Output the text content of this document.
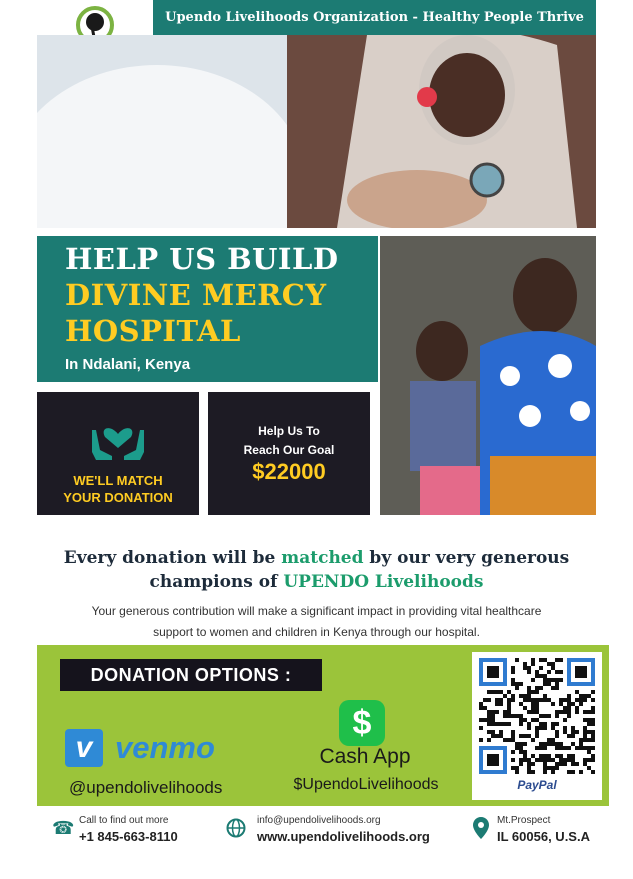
Upendo Livelihoods Organization - Healthy People Thrive
HELP US BUILD
DIVINE MERCY
HOSPITAL
In Ndalani, Kenya
WE'LL MATCH
YOUR DONATION
Help Us To
Reach Our Goal
$22000
Every donation will be matched by our very generous
champions of UPENDO Livelihoods
Your generous contribution will make a significant impact in providing vital healthcare
support to women and children in Kenya through our hospital.
DONATION OPTIONS :
v venmo
@upendolivelihoods
$
Cash App
$UpendoLivelihoods	PayPal
☎ Call to find out more
+1 845-663-8110
info@upendolivelihoods.org
www.upendolivelihoods.org
Mt.Prospect
IL 60056, U.S.A
